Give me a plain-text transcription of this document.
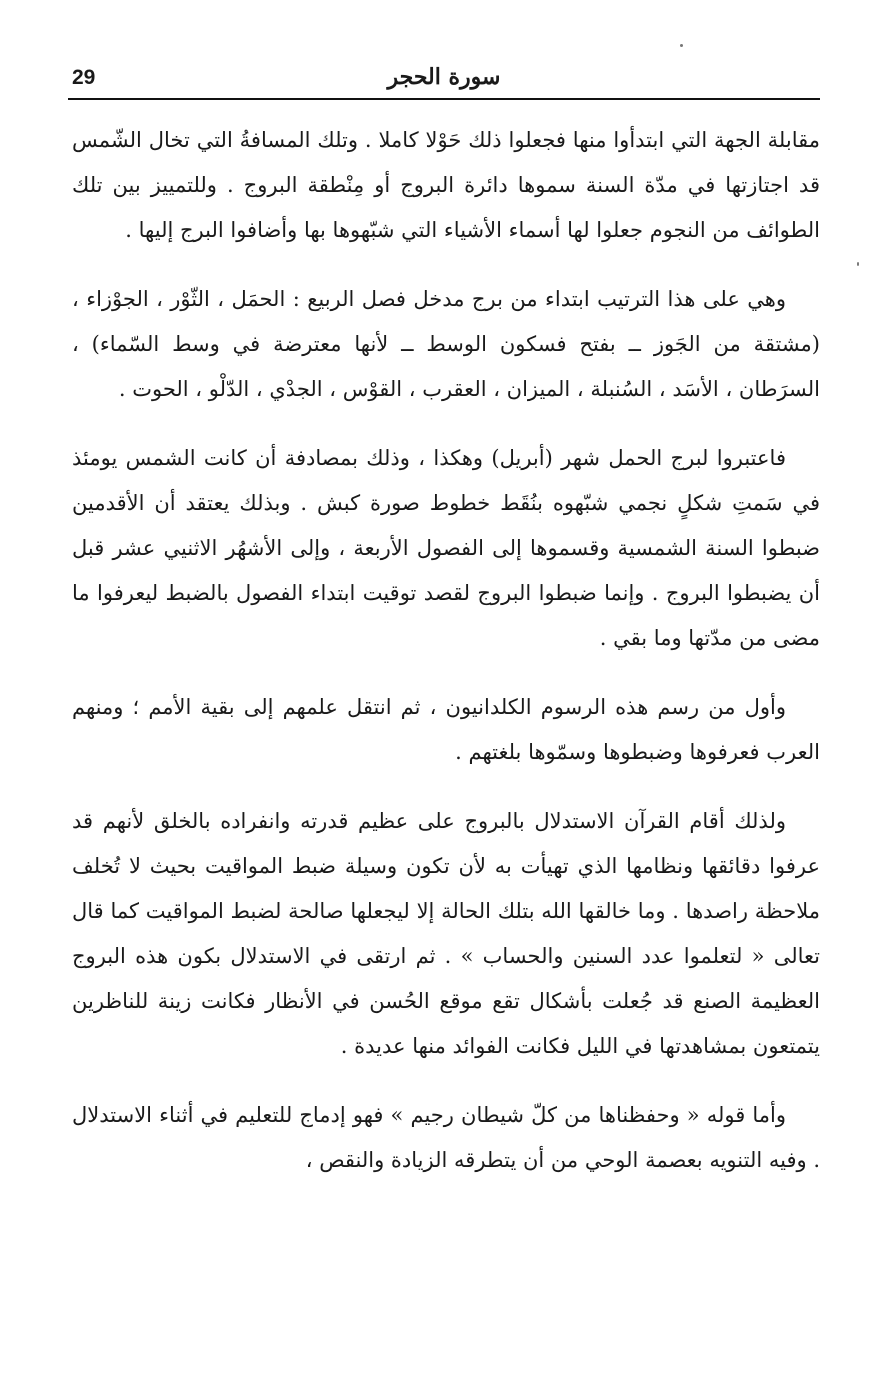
29	سورة الحجر

مقابلة الجهة التي ابتدأوا منها فجعلوا ذلك حَوْلا كاملا . وتلك المسافةُ التي تخال الشّمس قد اجتازتها في مدّة السنة سموها دائرة البروج أو مِنْطقة البروج . وللتمييز بين تلك الطوائف من النجوم جعلوا لها أسماء الأشياء التي شبّهوها بها وأضافوا البرج إليها .

وهي على هذا الترتيب ابتداء من برج مدخل فصل الربيع : الحمَل ، الثّوْر ، الجوْزاء ، (مشتقة من الجَوز ــ بفتح فسكون الوسط ــ لأنها معترضة في وسط السّماء) ، السرَطان ، الأسَد ، السُنبلة ، الميزان ، العقرب ، القوْس ، الجدْي ، الدّلْو ، الحوت .

فاعتبروا لبرج الحمل شهر (أبريل) وهكذا ، وذلك بمصادفة أن كانت الشمس يومئذ في سَمتِ شكلٍ نجمي شبّهوه بنُقَط خطوط صورة كبش . وبذلك يعتقد أن الأقدمين ضبطوا السنة الشمسية وقسموها إلى الفصول الأربعة ، وإلى الأشهُر الاثنيي عشر قبل أن يضبطوا البروج . وإنما ضبطوا البروج لقصد توقيت ابتداء الفصول بالضبط ليعرفوا ما مضى من مدّتها وما بقي .

وأول من رسم هذه الرسوم الكلدانيون ، ثم انتقل علمهم إلى بقية الأمم ؛ ومنهم العرب فعرفوها وضبطوها وسمّوها بلغتهم .

ولذلك أقام القرآن الاستدلال بالبروج على عظيم قدرته وانفراده بالخلق لأنهم قد عرفوا دقائقها ونظامها الذي تهيأت به لأن تكون وسيلة ضبط المواقيت بحيث لا تُخلف ملاحظة راصدها . وما خالقها الله بتلك الحالة إلا ليجعلها صالحة لضبط المواقيت كما قال تعالى « لتعلموا عدد السنين والحساب » . ثم ارتقى في الاستدلال بكون هذه البروج العظيمة الصنع قد جُعلت بأشكال تقع موقع الحُسن في الأنظار فكانت زينة للناظرين يتمتعون بمشاهدتها في الليل فكانت الفوائد منها عديدة .

وأما قوله « وحفظناها من كلّ شيطان رجيم » فهو إدماج للتعليم في أثناء الاستدلال . وفيه التنويه بعصمة الوحي من أن يتطرقه الزيادة والنقص ،
